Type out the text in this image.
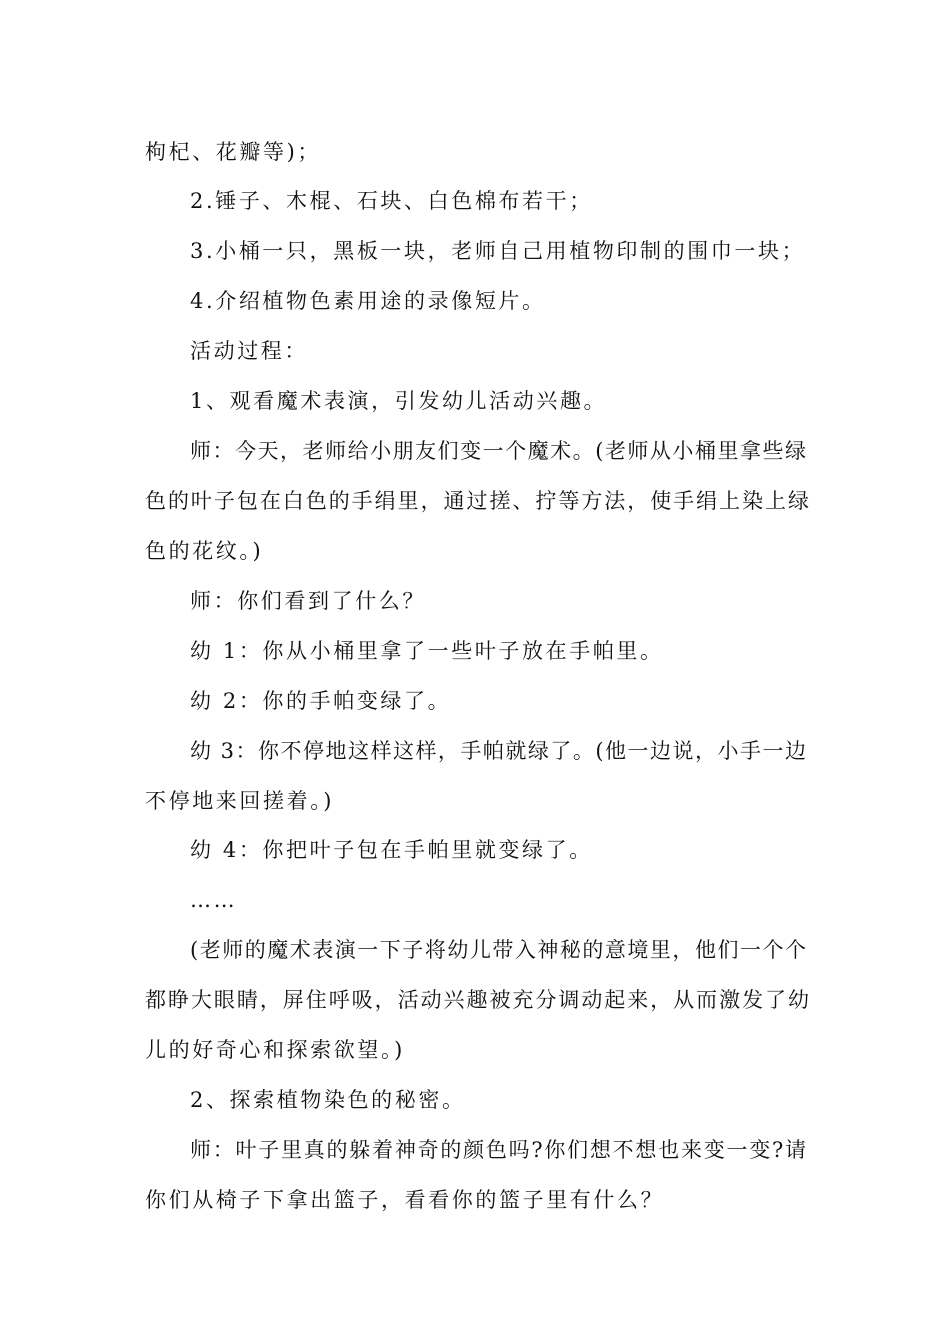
枸杞、花瓣等)；
2.锤子、木棍、石块、白色棉布若干；
3.小桶一只，黑板一块，老师自己用植物印制的围巾一块；
4.介绍植物色素用途的录像短片。
活动过程：
1、观看魔术表演，引发幼儿活动兴趣。
师：今天，老师给小朋友们变一个魔术。(老师从小桶里拿些绿
色的叶子包在白色的手绢里，通过搓、拧等方法，使手绢上染上绿
色的花纹。)
师：你们看到了什么？
幼 1：你从小桶里拿了一些叶子放在手帕里。
幼 2：你的手帕变绿了。
幼 3：你不停地这样这样，手帕就绿了。(他一边说，小手一边
不停地来回搓着。)
幼 4：你把叶子包在手帕里就变绿了。
……
(老师的魔术表演一下子将幼儿带入神秘的意境里，他们一个个
都睁大眼睛，屏住呼吸，活动兴趣被充分调动起来，从而激发了幼
儿的好奇心和探索欲望。)
2、探索植物染色的秘密。
师：叶子里真的躲着神奇的颜色吗?你们想不想也来变一变?请
你们从椅子下拿出篮子，看看你的篮子里有什么？
